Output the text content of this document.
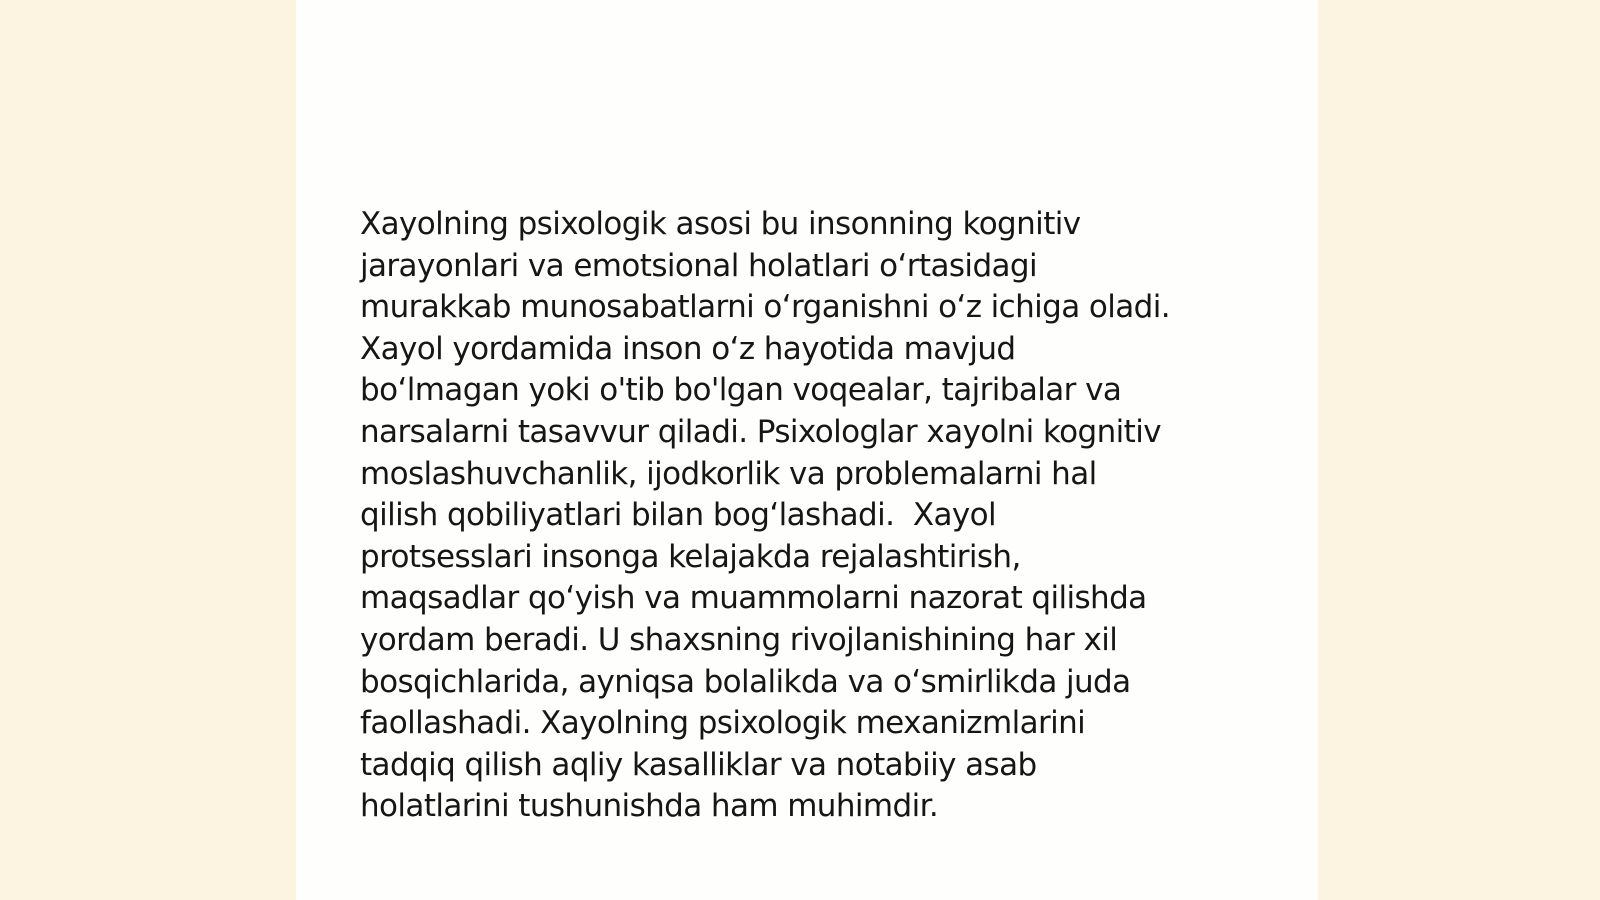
Xayolning psixologik asosi bu insonning kognitiv
jarayonlari va emotsional holatlari oʻrtasidagi
murakkab munosabatlarni oʻrganishni oʻz ichiga oladi.
Xayol yordamida inson oʻz hayotida mavjud
boʻlmagan yoki o'tib bo'lgan voqealar, tajribalar va
narsalarni tasavvur qiladi. Psixologlar xayolni kognitiv
moslashuvchanlik, ijodkorlik va problemalarni hal
qilish qobiliyatlari bilan bogʻlashadi.  Xayol
protsesslari insonga kelajakda rejalashtirish,
maqsadlar qoʻyish va muammolarni nazorat qilishda
yordam beradi. U shaxsning rivojlanishining har xil
bosqichlarida, ayniqsa bolalikda va oʻsmirlikda juda
faollashadi. Xayolning psixologik mexanizmlarini
tadqiq qilish aqliy kasalliklar va notabiiy asab
holatlarini tushunishda ham muhimdir.
